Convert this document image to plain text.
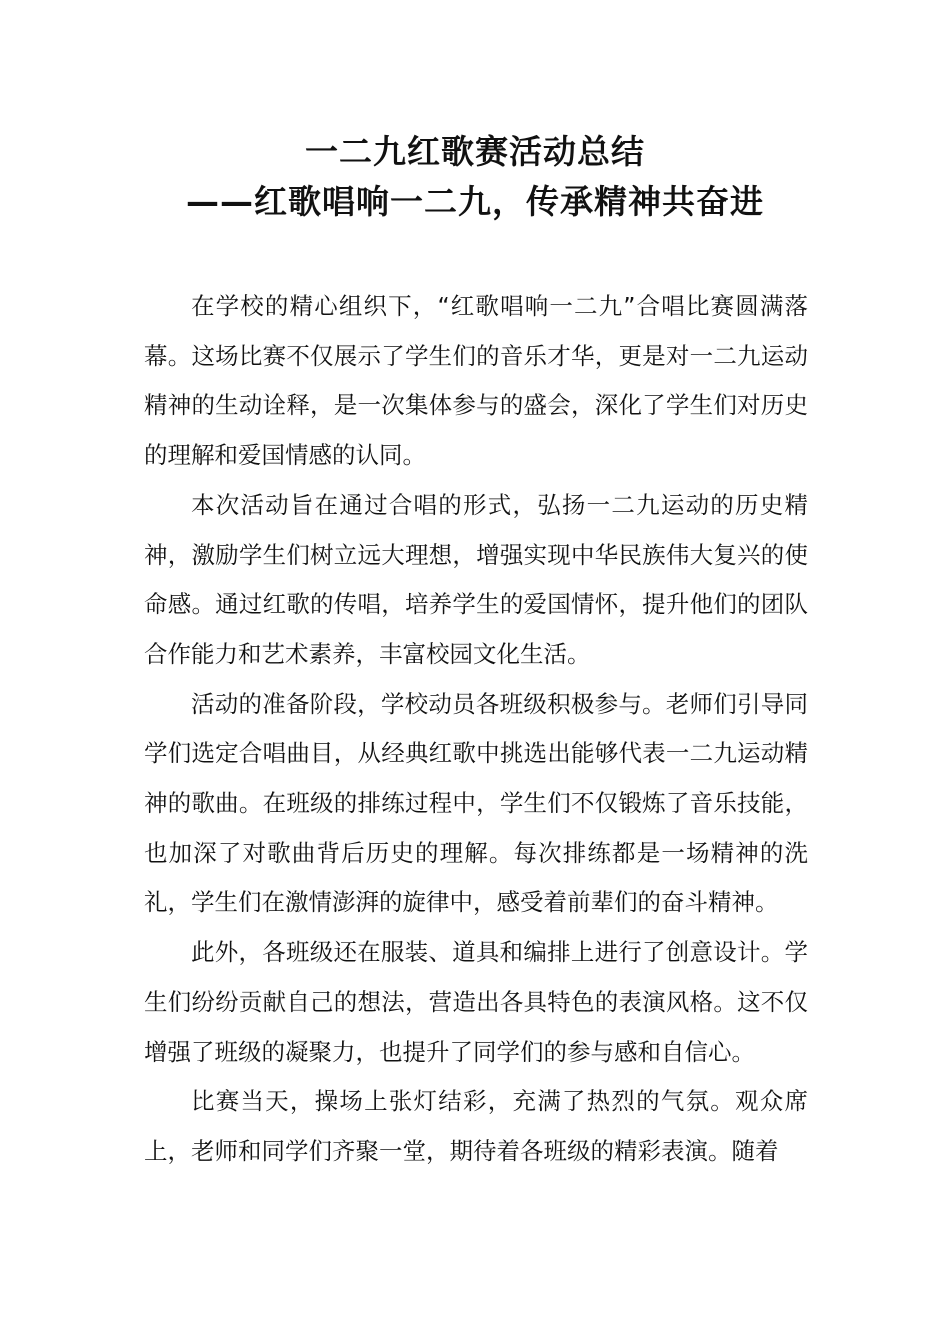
一二九红歌赛活动总结
——红歌唱响一二九，传承精神共奋进

在学校的精心组织下，“红歌唱响一二九”合唱比赛圆满落幕。这场比赛不仅展示了学生们的音乐才华，更是对一二九运动精神的生动诠释，是一次集体参与的盛会，深化了学生们对历史的理解和爱国情感的认同。

本次活动旨在通过合唱的形式，弘扬一二九运动的历史精神，激励学生们树立远大理想，增强实现中华民族伟大复兴的使命感。通过红歌的传唱，培养学生的爱国情怀，提升他们的团队合作能力和艺术素养，丰富校园文化生活。

活动的准备阶段，学校动员各班级积极参与。老师们引导同学们选定合唱曲目，从经典红歌中挑选出能够代表一二九运动精神的歌曲。在班级的排练过程中，学生们不仅锻炼了音乐技能，也加深了对歌曲背后历史的理解。每次排练都是一场精神的洗礼，学生们在激情澎湃的旋律中，感受着前辈们的奋斗精神。

此外，各班级还在服装、道具和编排上进行了创意设计。学生们纷纷贡献自己的想法，营造出各具特色的表演风格。这不仅增强了班级的凝聚力，也提升了同学们的参与感和自信心。

比赛当天，操场上张灯结彩，充满了热烈的气氛。观众席上，老师和同学们齐聚一堂，期待着各班级的精彩表演。随着
